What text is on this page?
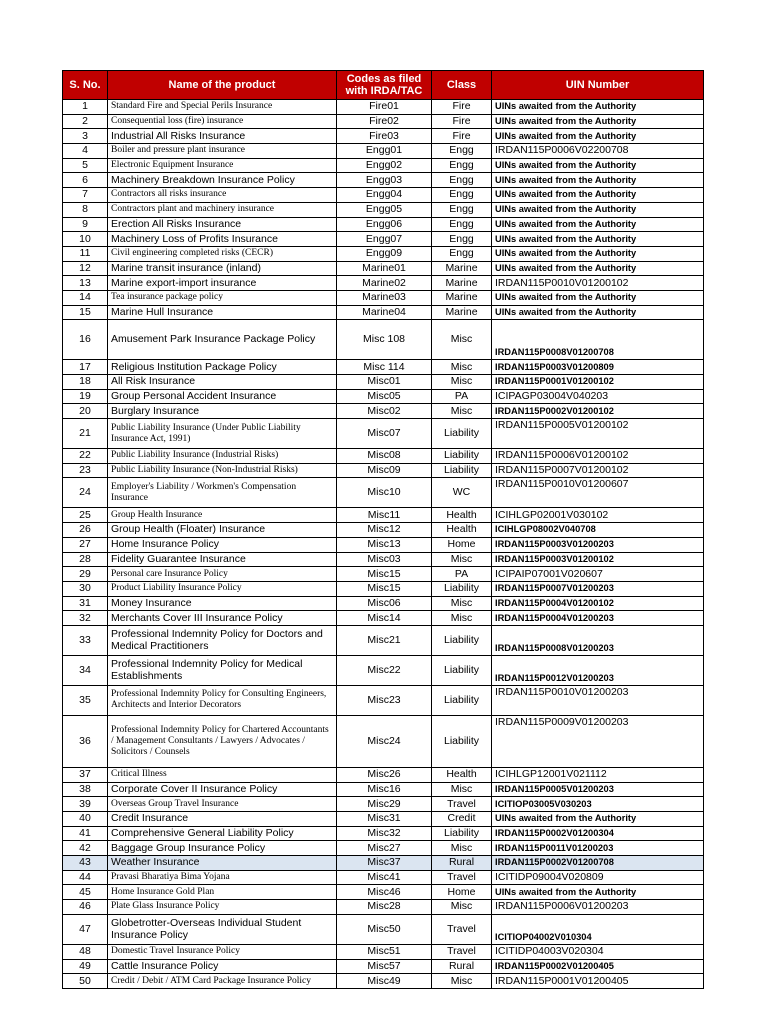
S. No.	Name of the product	Codes as filed with IRDA/TAC	Class	UIN Number
1	Standard Fire and Special Perils Insurance	Fire01	Fire	UINs awaited from the Authority
2	Consequential loss (fire) insurance	Fire02	Fire	UINs awaited from the Authority
3	Industrial All Risks Insurance	Fire03	Fire	UINs awaited from the Authority
4	Boiler and pressure plant insurance	Engg01	Engg	IRDAN115P0006V02200708
5	Electronic Equipment Insurance	Engg02	Engg	UINs awaited from the Authority
6	Machinery Breakdown Insurance Policy	Engg03	Engg	UINs awaited from the Authority
7	Contractors all risks insurance	Engg04	Engg	UINs awaited from the Authority
8	Contractors plant and machinery insurance	Engg05	Engg	UINs awaited from the Authority
9	Erection All Risks Insurance	Engg06	Engg	UINs awaited from the Authority
10	Machinery Loss of Profits Insurance	Engg07	Engg	UINs awaited from the Authority
11	Civil engineering completed risks (CECR)	Engg09	Engg	UINs awaited from the Authority
12	Marine transit insurance (inland)	Marine01	Marine	UINs awaited from the Authority
13	Marine export-import insurance	Marine02	Marine	IRDAN115P0010V01200102
14	Tea insurance package policy	Marine03	Marine	UINs awaited from the Authority
15	Marine Hull Insurance	Marine04	Marine	UINs awaited from the Authority
16	Amusement Park Insurance Package Policy	Misc 108	Misc	IRDAN115P0008V01200708
17	Religious Institution Package Policy	Misc 114	Misc	IRDAN115P0003V01200809
18	All Risk Insurance	Misc01	Misc	IRDAN115P0001V01200102
19	Group Personal Accident Insurance	Misc05	PA	ICIPAGP03004V040203
20	Burglary Insurance	Misc02	Misc	IRDAN115P0002V01200102
21	Public Liability Insurance (Under Public Liability Insurance Act, 1991)	Misc07	Liability	IRDAN115P0005V01200102
22	Public Liability Insurance (Industrial Risks)	Misc08	Liability	IRDAN115P0006V01200102
23	Public Liability Insurance (Non-Industrial Risks)	Misc09	Liability	IRDAN115P0007V01200102
24	Employer's Liability / Workmen's Compensation Insurance	Misc10	WC	IRDAN115P0010V01200607
25	Group Health Insurance	Misc11	Health	ICIHLGP02001V030102
26	Group Health (Floater) Insurance	Misc12	Health	ICIHLGP08002V040708
27	Home Insurance Policy	Misc13	Home	IRDAN115P0003V01200203
28	Fidelity Guarantee Insurance	Misc03	Misc	IRDAN115P0003V01200102
29	Personal care Insurance Policy	Misc15	PA	ICIPAIP07001V020607
30	Product Liability Insurance Policy	Misc15	Liability	IRDAN115P0007V01200203
31	Money Insurance	Misc06	Misc	IRDAN115P0004V01200102
32	Merchants Cover III Insurance Policy	Misc14	Misc	IRDAN115P0004V01200203
33	Professional Indemnity Policy for Doctors and Medical Practitioners	Misc21	Liability	IRDAN115P0008V01200203
34	Professional Indemnity Policy for Medical Establishments	Misc22	Liability	IRDAN115P0012V01200203
35	Professional Indemnity Policy for Consulting Engineers, Architects and Interior Decorators	Misc23	Liability	IRDAN115P0010V01200203
36	Professional Indemnity Policy for Chartered Accountants / Management Consultants / Lawyers / Advocates / Solicitors / Counsels	Misc24	Liability	IRDAN115P0009V01200203
37	Critical Illness	Misc26	Health	ICIHLGP12001V021112
38	Corporate Cover II Insurance Policy	Misc16	Misc	IRDAN115P0005V01200203
39	Overseas Group Travel Insurance	Misc29	Travel	ICITIOP03005V030203
40	Credit Insurance	Misc31	Credit	UINs awaited from the Authority
41	Comprehensive General Liability Policy	Misc32	Liability	IRDAN115P0002V01200304
42	Baggage Group Insurance Policy	Misc27	Misc	IRDAN115P0011V01200203
43	Weather Insurance	Misc37	Rural	IRDAN115P0002V01200708
44	Pravasi Bharatiya Bima Yojana	Misc41	Travel	ICITIDP09004V020809
45	Home Insurance Gold Plan	Misc46	Home	UINs awaited from the Authority
46	Plate Glass Insurance Policy	Misc28	Misc	IRDAN115P0006V01200203
47	Globetrotter-Overseas Individual Student Insurance Policy	Misc50	Travel	ICITIOP04002V010304
48	Domestic Travel Insurance Policy	Misc51	Travel	ICITIDP04003V020304
49	Cattle Insurance Policy	Misc57	Rural	IRDAN115P0002V01200405
50	Credit / Debit / ATM Card Package Insurance Policy	Misc49	Misc	IRDAN115P0001V01200405
